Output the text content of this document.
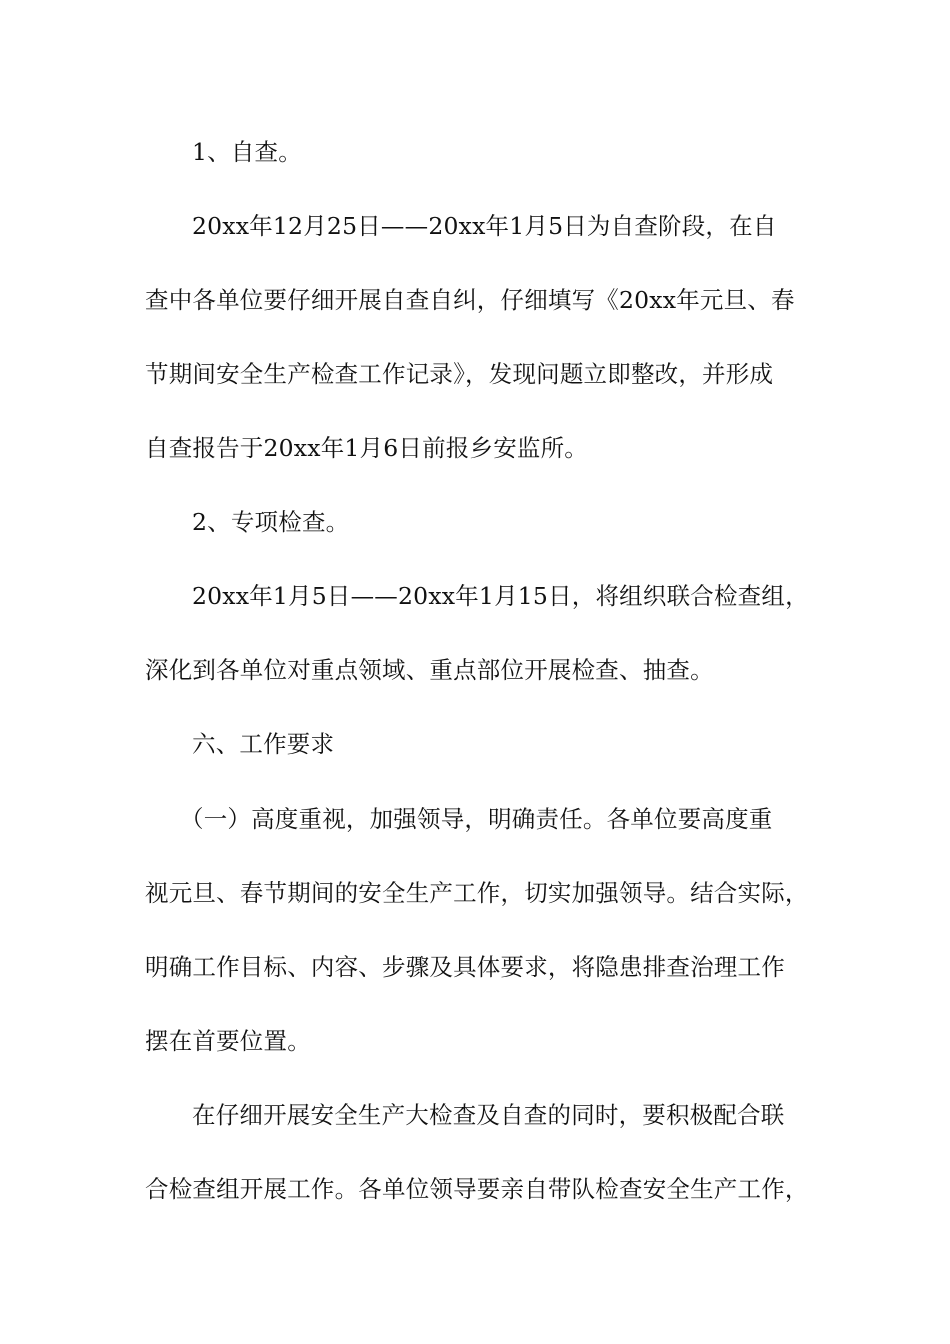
1、自查。
20xx年12月25日——20xx年1月5日为自查阶段，在自
查中各单位要仔细开展自查自纠，仔细填写《20xx年元旦、春
节期间安全生产检查工作记录》，发现问题立即整改，并形成
自查报告于20xx年1月6日前报乡安监所。
2、专项检查。
20xx年1月5日——20xx年1月15日，将组织联合检查组，
深化到各单位对重点领域、重点部位开展检查、抽查。
六、工作要求
（一）高度重视，加强领导，明确责任。各单位要高度重
视元旦、春节期间的安全生产工作，切实加强领导。结合实际，
明确工作目标、内容、步骤及具体要求，将隐患排查治理工作
摆在首要位置。
在仔细开展安全生产大检查及自查的同时，要积极配合联
合检查组开展工作。各单位领导要亲自带队检查安全生产工作，
